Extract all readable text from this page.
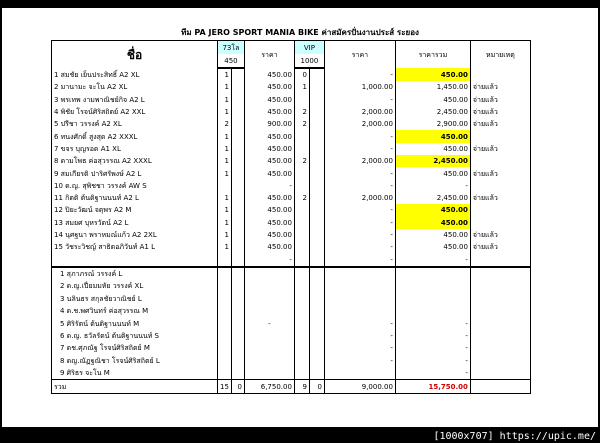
ทีม PA JERO SPORT MANIA BIKE ค่าสมัครปั่นงานประส์ ระยอง
ชื่อ	73โล		ราคา	VIP		ราคา	ราคารวม	หมายเหตุ
	450			1000				
1 สมชัย เย็นประสิทธิ์ A2 XL	1		450.00	0		-	450.00	
2 มานามะ จะโน A2 XL	1		450.00	1		1,000.00	1,450.00	จ่ายแล้ว
3 พรเทพ งามพาณิชย์กิจ A2 L	1		450.00			-	450.00	จ่ายแล้ว
4 พิชัย โรจน์ศิริสถิตย์ A2 XXL	1		450.00	2		2,000.00	2,450.00	จ่ายแล้ว
5 ปรีชา วรรงค์ A2 XL	2		900.00	2		2,000.00	2,900.00	จ่ายแล้ว
6 ทนงศักดิ์ สูงสุด A2 XXXL	1		450.00			-	450.00	
7 ขจร บุญรอด A1 XL	1		450.00			-	450.00	จ่ายแล้ว
8 ดามโพธ ค่อสุวรรณ A2 XXXL	1		450.00	2		2,000.00	2,450.00	
9 สมเกียรติ ปาริศรัพงษ์ A2 L	1		450.00			-	450.00	จ่ายแล้ว
10 ด.ญ. สุพิชชา วรรงค์ AW S			-			-	-	
11 กิตติ ต้นติฐานนนท์ A2 L	1		450.00	2		2,000.00	2,450.00	จ่ายแล้ว
12 ปิยะวัฒน์ จตุพร A2 M	1		450.00			-	450.00	
13 สมยศ บุหรวัตน์ A2 L	1		450.00			-	450.00	
14 นุศฐนา พราหมณ์แก้ว A2 2XL	1		450.00			-	450.00	จ่ายแล้ว
15 วัชระวิชญ์ สาธิตอภิวันท์ A1 L	1		450.00			-	450.00	จ่ายแล้ว
			-			-	-	
1 สุภาภรณ์ วรรงค์ L								
2 ด.ญ.เปี่ยมมหัย วรรงค์ XL								
3 นลินธร สกุลชัยวาณิชย์ L								
4 ด.ช.พศวินทร์ ค่อสุวรรณ M								
5 ศิริรัตน์ ต้นติฐานนนท์ M			-			-	-	
6 ด.ญ. ธวัลรัตน์ ต้นติฐานนนท์ S						-	-	
7 ดช.ศุภณัฐ โรจน์ศิริสถิตย์ M						-	-	
8 ดญ.ณัฏฐณิชา โรจน์ศิริสถิตย์ L						-	-	
9 ศิริธร จะโน M							-	
รวม	15	0	6,750.00	9	0	9,000.00	15,750.00	
[1000x707] https://upic.me/
